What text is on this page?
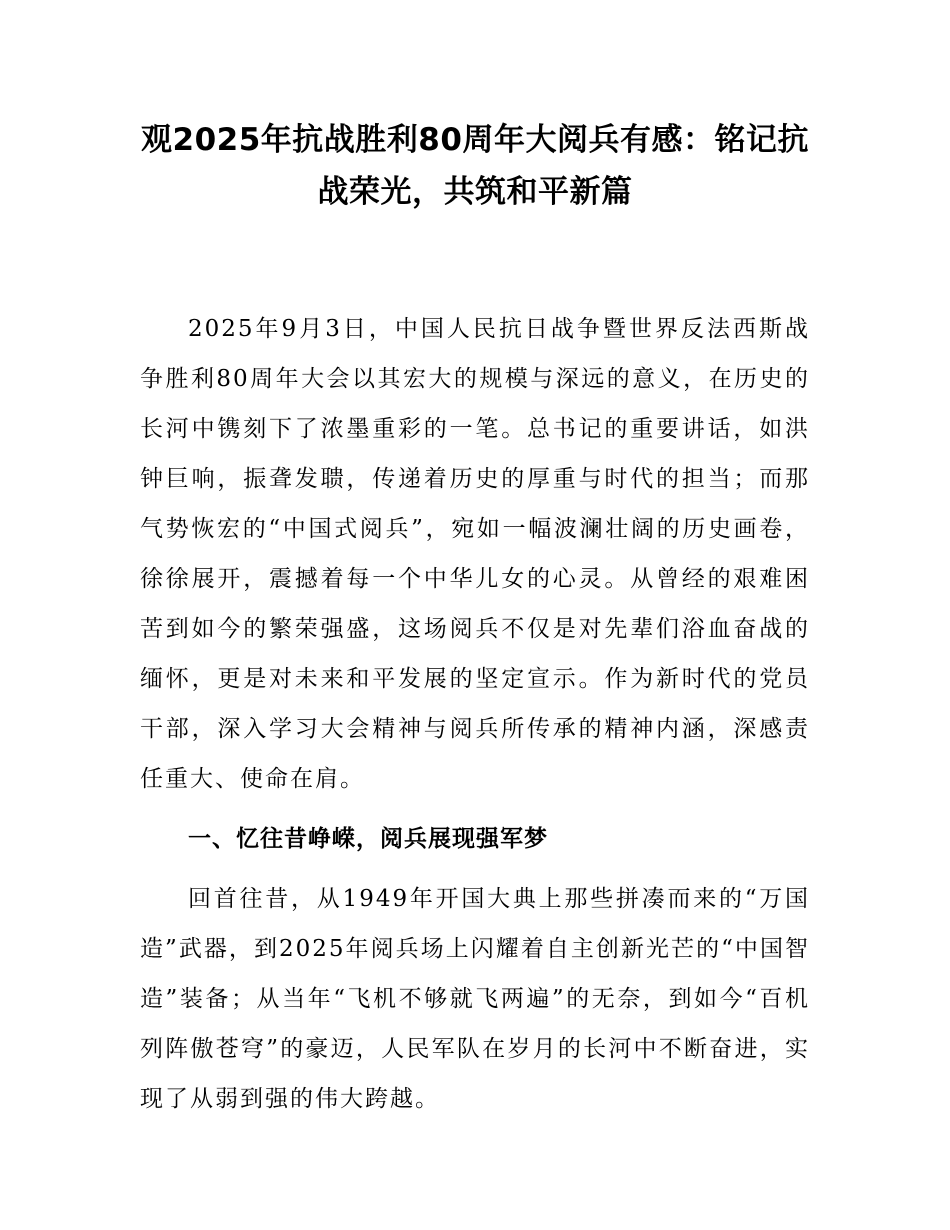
观2025年抗战胜利80周年大阅兵有感：铭记抗战荣光，共筑和平新篇

2025年9月3日，中国人民抗日战争暨世界反法西斯战争胜利80周年大会以其宏大的规模与深远的意义，在历史的长河中镌刻下了浓墨重彩的一笔。总书记的重要讲话，如洪钟巨响，振聋发聩，传递着历史的厚重与时代的担当；而那气势恢宏的“中国式阅兵”，宛如一幅波澜壮阔的历史画卷，徐徐展开，震撼着每一个中华儿女的心灵。从曾经的艰难困苦到如今的繁荣强盛，这场阅兵不仅是对先辈们浴血奋战的缅怀，更是对未来和平发展的坚定宣示。作为新时代的党员干部，深入学习大会精神与阅兵所传承的精神内涵，深感责任重大、使命在肩。

一、忆往昔峥嵘，阅兵展现强军梦

回首往昔，从1949年开国大典上那些拼凑而来的“万国造”武器，到2025年阅兵场上闪耀着自主创新光芒的“中国智造”装备；从当年“飞机不够就飞两遍”的无奈，到如今“百机列阵傲苍穹”的豪迈，人民军队在岁月的长河中不断奋进，实现了从弱到强的伟大跨越。
